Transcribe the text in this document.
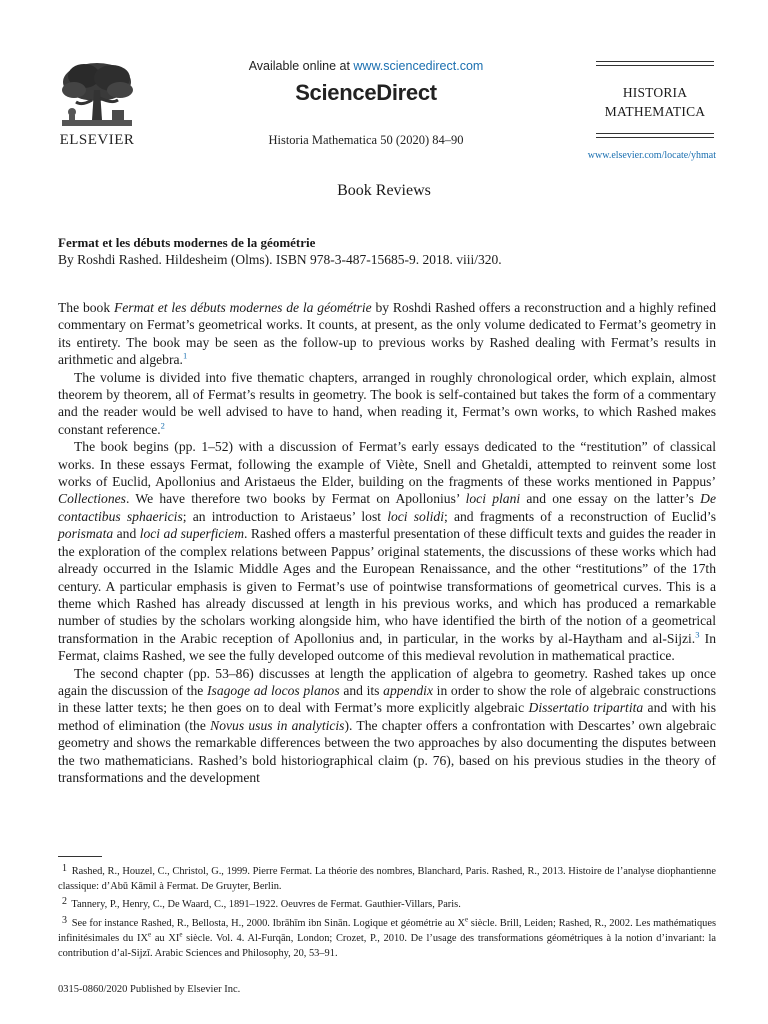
ELSEVIER
Available online at www.sciencedirect.com
ScienceDirect
Historia Mathematica 50 (2020) 84–90
HISTORIA
MATHEMATICA
www.elsevier.com/locate/yhmat
Book Reviews
Fermat et les débuts modernes de la géométrie
By Roshdi Rashed. Hildesheim (Olms). ISBN 978-3-487-15685-9. 2018. viii/320.

The book Fermat et les débuts modernes de la géométrie by Roshdi Rashed offers a reconstruction and a highly refined commentary on Fermat’s geometrical works. It counts, at present, as the only volume dedicated to Fermat’s geometry in its entirety. The book may be seen as the follow-up to previous works by Rashed dealing with Fermat’s results in arithmetic and algebra.$^1$

The volume is divided into five thematic chapters, arranged in roughly chronological order, which explain, almost theorem by theorem, all of Fermat’s results in geometry. The book is self-contained but takes the form of a commentary and the reader would be well advised to have to hand, when reading it, Fermat’s own works, to which Rashed makes constant reference.$^2$

The book begins (pp. 1–52) with a discussion of Fermat’s early essays dedicated to the “restitution” of classical works. In these essays Fermat, following the example of Viète, Snell and Ghetaldi, attempted to reinvent some lost works of Euclid, Apollonius and Aristaeus the Elder, building on the fragments of these works mentioned in Pappus’ Collectiones. We have therefore two books by Fermat on Apollonius’ loci plani and one essay on the latter’s De contactibus sphaericis; an introduction to Aristaeus’ lost loci solidi; and fragments of a reconstruction of Euclid’s porismata and loci ad superficiem. Rashed offers a masterful presentation of these difficult texts and guides the reader in the exploration of the complex relations between Pappus’ original statements, the discussions of these works which had already occurred in the Islamic Middle Ages and the European Renaissance, and the other “restitutions” of the 17th century. A particular emphasis is given to Fermat’s use of pointwise transformations of geometrical curves. This is a theme which Rashed has already discussed at length in his previous works, and which has produced a remarkable number of studies by the scholars working alongside him, who have identified the birth of the notion of a geometrical transformation in the Arabic reception of Apollonius and, in particular, in the works by al-Haytham and al-Sijzi.$^3$ In Fermat, claims Rashed, we see the fully developed outcome of this medieval revolution in mathematical practice.

The second chapter (pp. 53–86) discusses at length the application of algebra to geometry. Rashed takes up once again the discussion of the Isagoge ad locos planos and its appendix in order to show the role of algebraic constructions in these latter texts; he then goes on to deal with Fermat’s more explicitly algebraic Dissertatio tripartita and with his method of elimination (the Novus usus in analyticis). The chapter offers a confrontation with Descartes’ own algebraic geometry and shows the remarkable differences between the two approaches by also documenting the disputes between the two mathematicians. Rashed’s bold historiographical claim (p. 76), based on his previous studies in the theory of transformations and the development

1 Rashed, R., Houzel, C., Christol, G., 1999. Pierre Fermat. La théorie des nombres, Blanchard, Paris. Rashed, R., 2013. Histoire de l’analyse diophantienne classique: d’Abū Kāmil à Fermat. De Gruyter, Berlin.

2 Tannery, P., Henry, C., De Waard, C., 1891–1922. Oeuvres de Fermat. Gauthier-Villars, Paris.

3 See for instance Rashed, R., Bellosta, H., 2000. Ibrāhīm ibn Sinān. Logique et géométrie au Xe siècle. Brill, Leiden; Rashed, R., 2002. Les mathématiques infinitésimales du IXe au XIe siècle. Vol. 4. Al-Furqān, London; Crozet, P., 2010. De l’usage des transformations géométriques à la notion d’invariant: la contribution d’al-Sijzī. Arabic Sciences and Philosophy, 20, 53–91.

0315-0860/2020 Published by Elsevier Inc.
